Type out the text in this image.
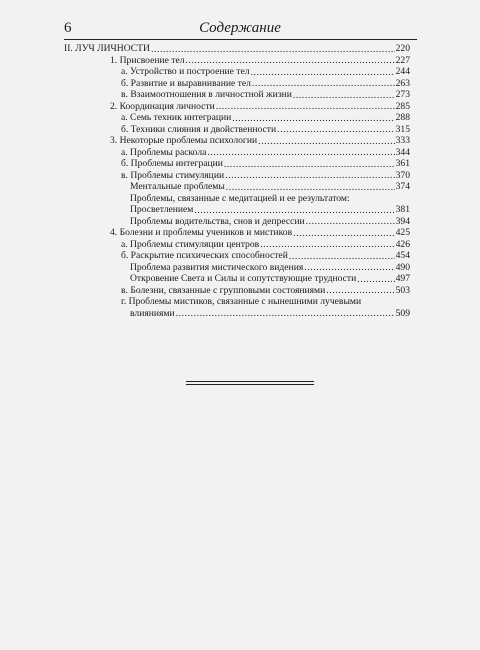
6	Содержание
II. ЛУЧ ЛИЧНОСТИ .....	220
1. Присвоение тел .....	227
а. Устройство и построение тел .....	244
б. Развитие и выравнивание тел .....	263
в. Взаимоотношения в личностной жизни .....	273
2. Координация личности .....	285
а. Семь техник интеграции .....	288
б. Техники слияния и двойственности .....	315
3. Некоторые проблемы психологии .....	333
а. Проблемы раскола .....	344
б. Проблемы интеграции .....	361
в. Проблемы стимуляции .....	370
Ментальные проблемы .....	374
Проблемы, связанные с медитацией и ее результатом:
Просветлением .....	381
Проблемы водительства, снов и депрессии .....	394
4. Болезни и проблемы учеников и мистиков .....	425
а. Проблемы стимуляции центров .....	426
б. Раскрытие психических способностей .....	454
Проблема развития мистического видения .....	490
Откровение Света и Силы и сопутствующие трудности .....	497
в. Болезни, связанные с групповыми состояниями .....	503
г. Проблемы мистиков, связанные с нынешними лучевыми
влияниями .....	509
